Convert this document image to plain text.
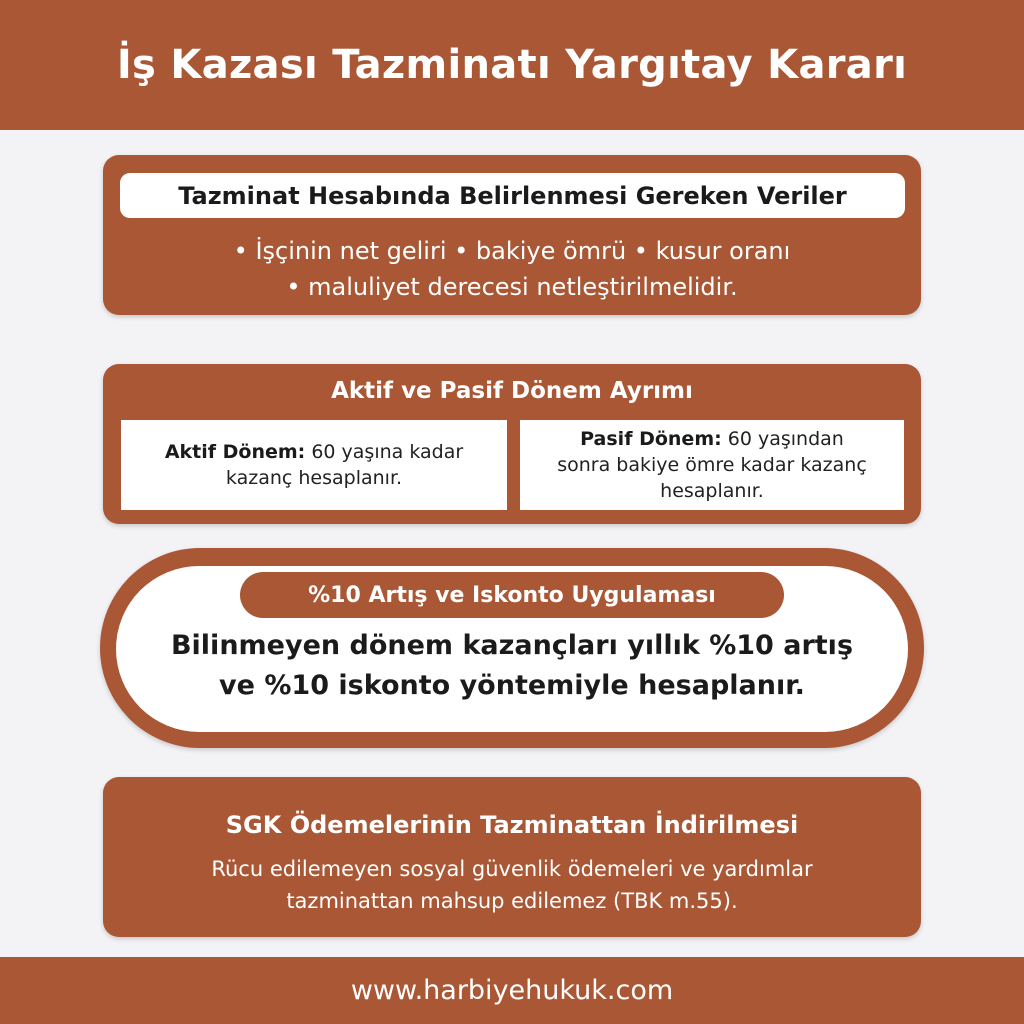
İş Kazası Tazminatı Yargıtay Kararı
Tazminat Hesabında Belirlenmesi Gereken Veriler
• İşçinin net geliri • bakiye ömrü • kusur oranı
• maluliyet derecesi netleştirilmelidir.
Aktif ve Pasif Dönem Ayrımı
Aktif Dönem: 60 yaşına kadar kazanç hesaplanır.
Pasif Dönem: 60 yaşından sonra bakiye ömre kadar kazanç hesaplanır.
%10 Artış ve Iskonto Uygulaması
Bilinmeyen dönem kazançları yıllık %10 artış
ve %10 iskonto yöntemiyle hesaplanır.
SGK Ödemelerinin Tazminattan İndirilmesi
Rücu edilemeyen sosyal güvenlik ödemeleri ve yardımlar
tazminattan mahsup edilemez (TBK m.55).
www.harbiyehukuk.com
